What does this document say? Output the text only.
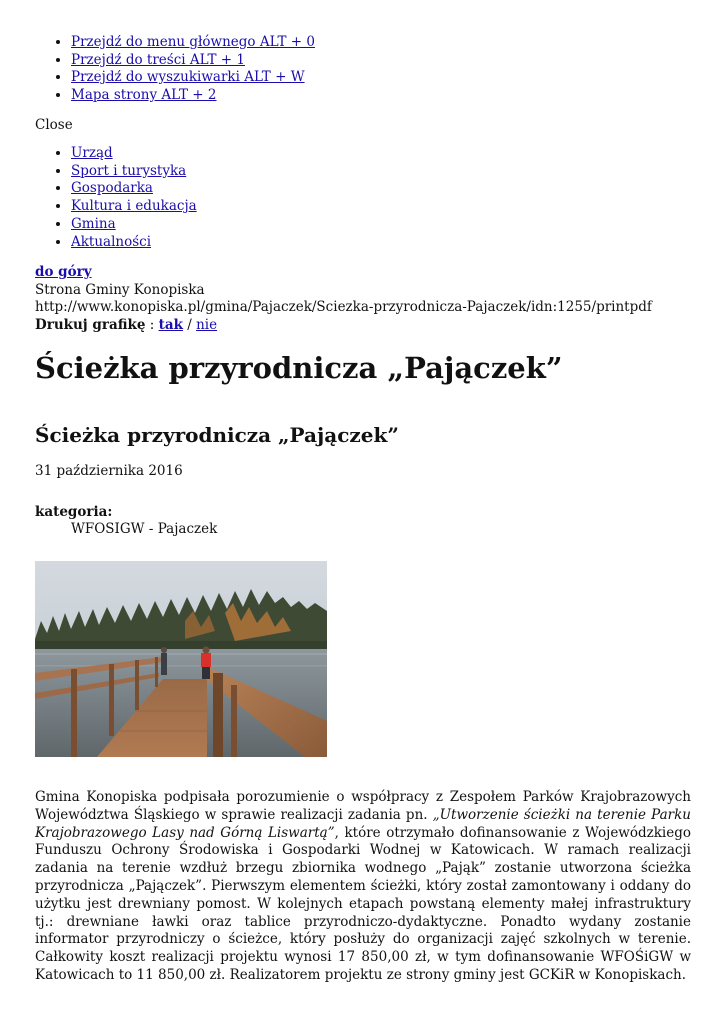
• Przejdź do menu głównego ALT + 0
• Przejdź do treści ALT + 1
• Przejdź do wyszukiwarki ALT + W
• Mapa strony ALT + 2
Close
• Urząd
• Sport i turystyka
• Gospodarka
• Kultura i edukacja
• Gmina
• Aktualności
do góry
Strona Gminy Konopiska
http://www.konopiska.pl/gmina/Pajaczek/Sciezka-przyrodnicza-Pajaczek/idn:1255/printpdf
Drukuj grafikę : tak / nie
Ścieżka przyrodnicza „Pajączek”
Ścieżka przyrodnicza „Pajączek”
31 października 2016
kategoria:
WFOSIGW - Pajaczek

Gmina Konopiska podpisała porozumienie o współpracy z Zespołem Parków Krajobrazowych Województwa Śląskiego w sprawie realizacji zadania pn. „Utworzenie ścieżki na terenie Parku Krajobrazowego Lasy nad Górną Liswartą”, które otrzymało dofinansowanie z Wojewódzkiego Funduszu Ochrony Środowiska i Gospodarki Wodnej w Katowicach. W ramach realizacji zadania na terenie wzdłuż brzegu zbiornika wodnego „Pająk” zostanie utworzona ścieżka przyrodnicza „Pajączek”. Pierwszym elementem ścieżki, który został zamontowany i oddany do użytku jest drewniany pomost. W kolejnych etapach powstaną elementy małej infrastruktury tj.: drewniane ławki oraz tablice przyrodniczo-dydaktyczne. Ponadto wydany zostanie informator przyrodniczy o ścieżce, który posłuży do organizacji zajęć szkolnych w terenie. Całkowity koszt realizacji projektu wynosi 17 850,00 zł, w tym dofinansowanie WFOŚiGW w Katowicach to 11 850,00 zł. Realizatorem projektu ze strony gminy jest GCKiR w Konopiskach.
